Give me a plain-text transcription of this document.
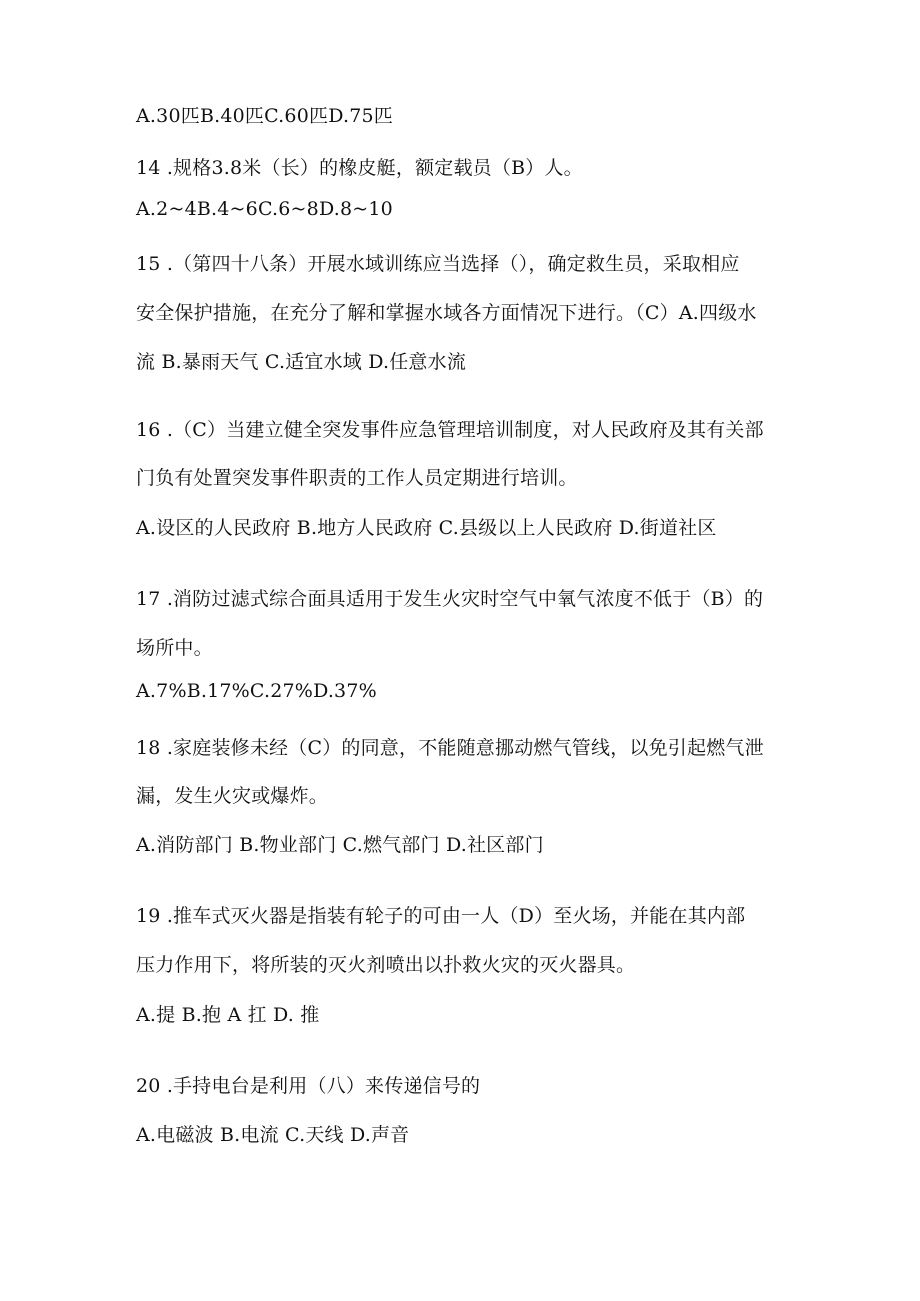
A.30匹B.40匹C.60匹D.75匹
14 .规格3.8米（长）的橡皮艇，额定载员（B）人。
A.2~4B.4~6C.6~8D.8~10
15 .（第四十八条）开展水域训练应当选择（），确定救生员，采取相应
安全保护措施，在充分了解和掌握水域各方面情况下进行。（C）A.四级水
流 B.暴雨天气 C.适宜水域 D.任意水流
16 .（C）当建立健全突发事件应急管理培训制度，对人民政府及其有关部
门负有处置突发事件职责的工作人员定期进行培训。
A.设区的人民政府 B.地方人民政府 C.县级以上人民政府 D.街道社区
17 .消防过滤式综合面具适用于发生火灾时空气中氧气浓度不低于（B）的
场所中。
A.7%B.17%C.27%D.37%
18 .家庭装修未经（C）的同意，不能随意挪动燃气管线，以免引起燃气泄
漏，发生火灾或爆炸。
A.消防部门 B.物业部门 C.燃气部门 D.社区部门
19 .推车式灭火器是指装有轮子的可由一人（D）至火场，并能在其内部
压力作用下，将所装的灭火剂喷出以扑救火灾的灭火器具。
A.提 B.抱 A 扛 D. 推
20 .手持电台是利用（八）来传递信号的
A.电磁波 B.电流 C.天线 D.声音
